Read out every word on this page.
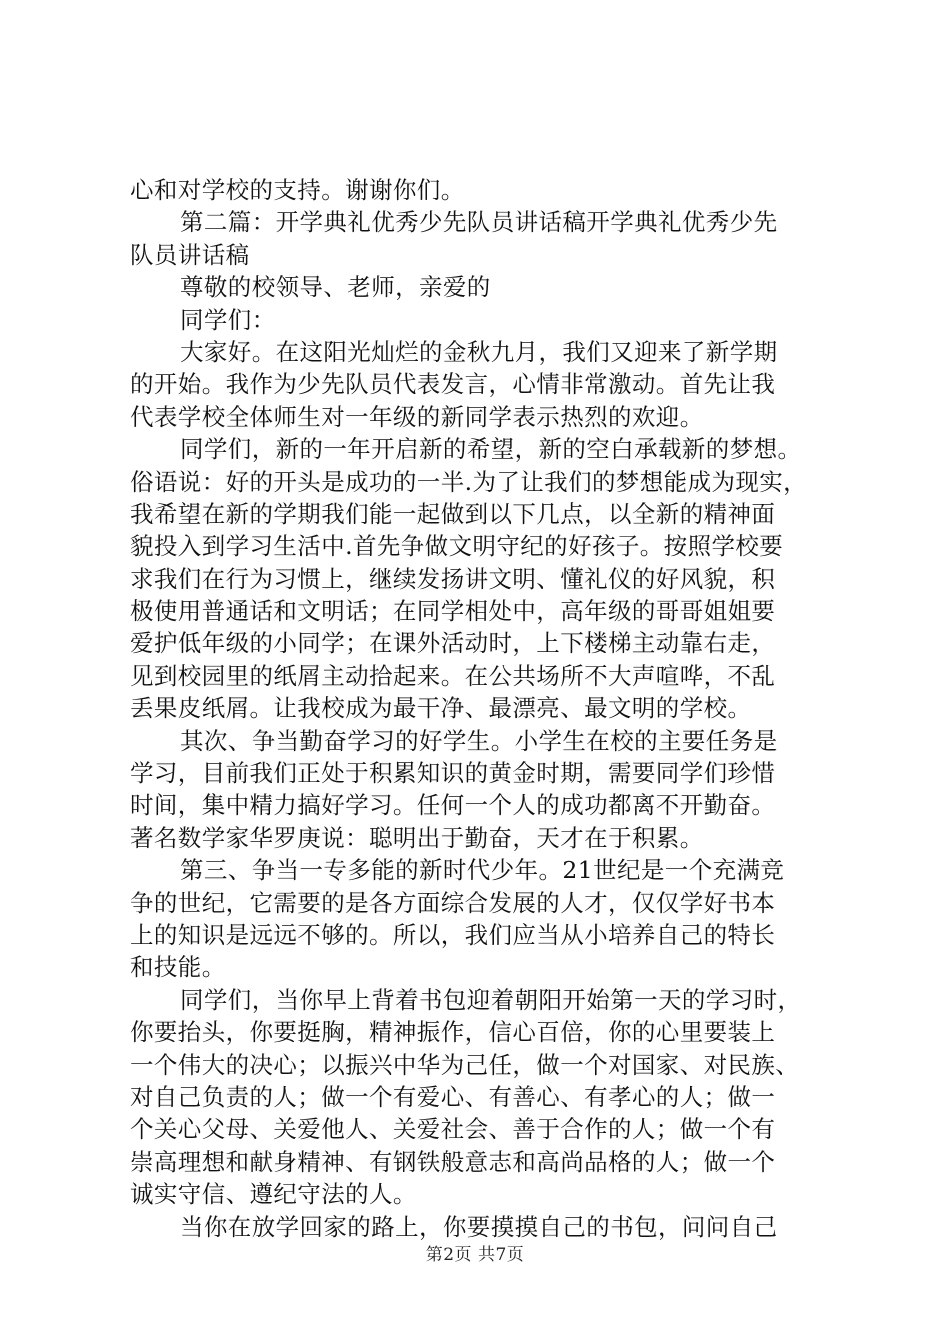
心和对学校的支持。谢谢你们。
第二篇：开学典礼优秀少先队员讲话稿开学典礼优秀少先
队员讲话稿
尊敬的校领导、老师，亲爱的
同学们：
大家好。在这阳光灿烂的金秋九月，我们又迎来了新学期
的开始。我作为少先队员代表发言，心情非常激动。首先让我
代表学校全体师生对一年级的新同学表示热烈的欢迎。
同学们，新的一年开启新的希望，新的空白承载新的梦想。
俗语说：好的开头是成功的一半.为了让我们的梦想能成为现实，
我希望在新的学期我们能一起做到以下几点，以全新的精神面
貌投入到学习生活中.首先争做文明守纪的好孩子。按照学校要
求我们在行为习惯上，继续发扬讲文明、懂礼仪的好风貌，积
极使用普通话和文明话；在同学相处中，高年级的哥哥姐姐要
爱护低年级的小同学；在课外活动时，上下楼梯主动靠右走，
见到校园里的纸屑主动拾起来。在公共场所不大声喧哗，不乱
丢果皮纸屑。让我校成为最干净、最漂亮、最文明的学校。
其次、争当勤奋学习的好学生。小学生在校的主要任务是
学习，目前我们正处于积累知识的黄金时期，需要同学们珍惜
时间，集中精力搞好学习。任何一个人的成功都离不开勤奋。
著名数学家华罗庚说：聪明出于勤奋，天才在于积累。
第三、争当一专多能的新时代少年。21世纪是一个充满竞
争的世纪，它需要的是各方面综合发展的人才，仅仅学好书本
上的知识是远远不够的。所以，我们应当从小培养自己的特长
和技能。
同学们，当你早上背着书包迎着朝阳开始第一天的学习时，
你要抬头，你要挺胸，精神振作，信心百倍，你的心里要装上
一个伟大的决心；以振兴中华为己任，做一个对国家、对民族、
对自己负责的人；做一个有爱心、有善心、有孝心的人；做一
个关心父母、关爱他人、关爱社会、善于合作的人；做一个有
崇高理想和献身精神、有钢铁般意志和高尚品格的人；做一个
诚实守信、遵纪守法的人。
当你在放学回家的路上，你要摸摸自己的书包，问问自己
第2页 共7页
